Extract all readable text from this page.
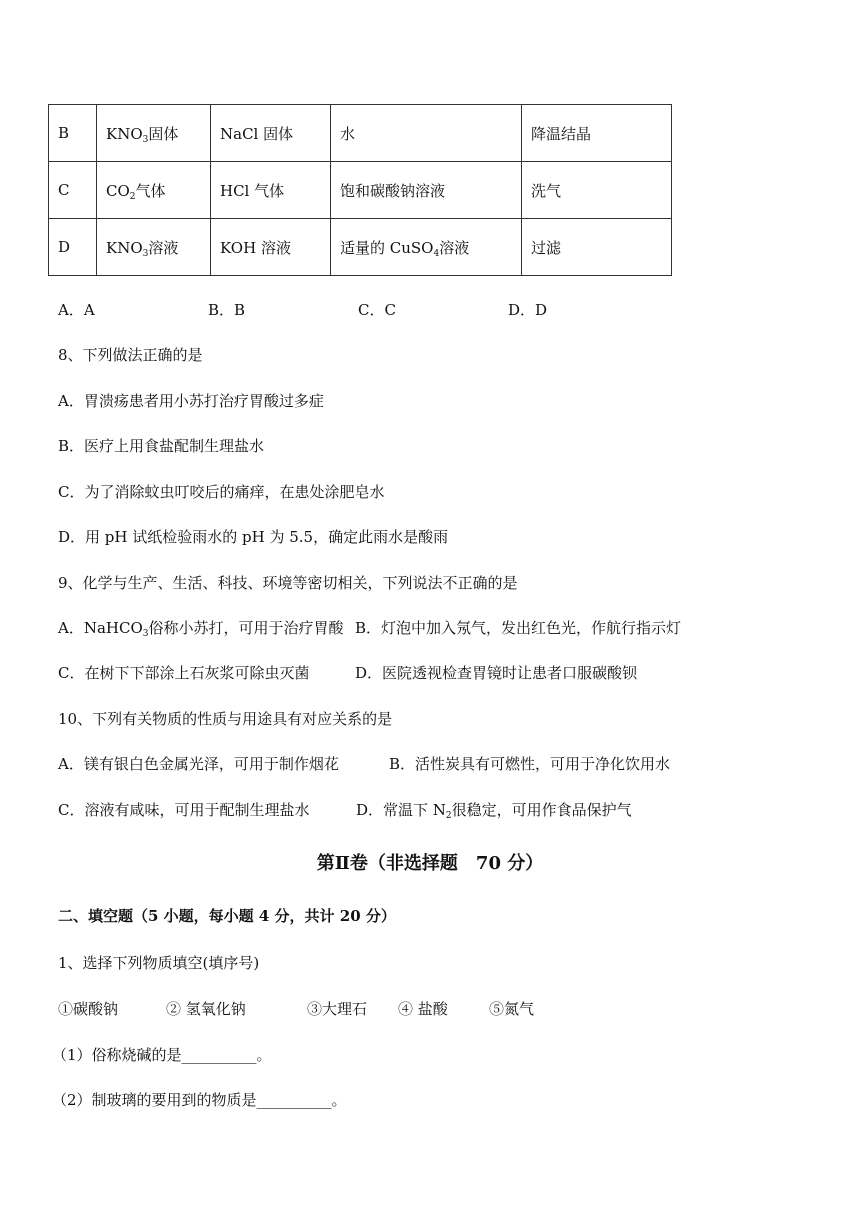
B	$KNO_3$固体	NaCl 固体	水	降温结晶
C	$CO_2$气体	HCl 气体	饱和碳酸钠溶液	洗气
D	$KNO_3$溶液	KOH 溶液	适量的 CuSO$_4$溶液	过滤
A．A	B．B	C．C	D．D
8、下列做法正确的是
A．胃溃疡患者用小苏打治疗胃酸过多症
B．医疗上用食盐配制生理盐水
C．为了消除蚊虫叮咬后的痛痒，在患处涂肥皂水
D．用 pH 试纸检验雨水的 pH 为 5.5，确定此雨水是酸雨
9、化学与生产、生活、科技、环境等密切相关，下列说法不正确的是
A．NaHCO$_3$俗称小苏打，可用于治疗胃酸 B．灯泡中加入氖气，发出红色光，作航行指示灯
C．在树下下部涂上石灰浆可除虫灭菌	D．医院透视检查胃镜时让患者口服碳酸钡
10、下列有关物质的性质与用途具有对应关系的是
A．镁有银白色金属光泽，可用于制作烟花	B．活性炭具有可燃性，可用于净化饮用水
C．溶液有咸味，可用于配制生理盐水	D．常温下 $N_2$很稳定，可用作食品保护气
第Ⅱ卷（非选择题　70 分）
二、填空题（5 小题，每小题 4 分，共计 20 分）
1、选择下列物质填空(填序号)
①碳酸钠	② 氢氧化钠	③大理石 ④ 盐酸	⑤氮气
（1）俗称烧碱的是__________。
（2）制玻璃的要用到的物质是__________。
